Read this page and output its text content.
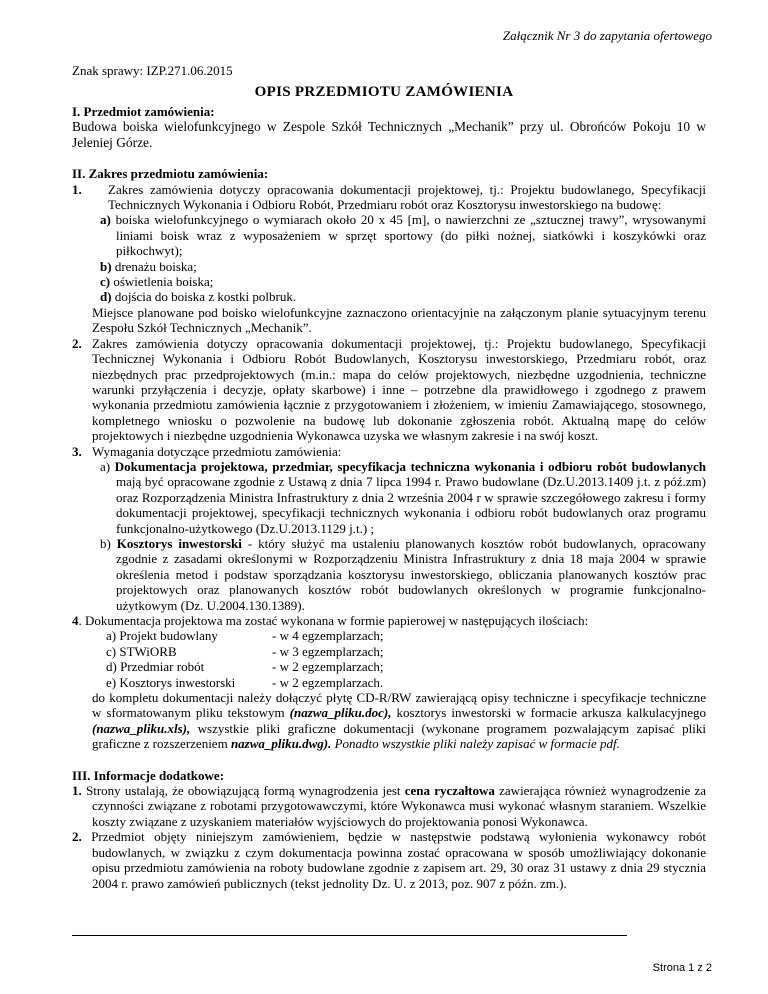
Załącznik Nr 3 do zapytania ofertowego
Znak sprawy: IZP.271.06.2015
OPIS PRZEDMIOTU ZAMÓWIENIA

I. Przedmiot zamówienia:

Budowa boiska wielofunkcyjnego w Zespole Szkół Technicznych „Mechanik” przy ul. Obrońców Pokoju 10 w Jeleniej Górze.

II. Zakres przedmiotu zamówienia:

1. Zakres zamówienia dotyczy opracowania dokumentacji projektowej, tj.: Projektu budowlanego, Specyfikacji Technicznych Wykonania i Odbioru Robót, Przedmiaru robót oraz Kosztorysu inwestorskiego na budowę:

a) boiska wielofunkcyjnego o wymiarach około 20 x 45 [m], o nawierzchni ze „sztucznej trawy”, wrysowanymi liniami boisk wraz z wyposażeniem w sprzęt sportowy (do piłki nożnej, siatkówki i koszykówki oraz piłkochwyt);

b) drenażu boiska;

c) oświetlenia boiska;

d) dojścia do boiska z kostki polbruk.

Miejsce planowane pod boisko wielofunkcyjne zaznaczono orientacyjnie na załączonym planie sytuacyjnym terenu Zespołu Szkół Technicznych „Mechanik”.

2. Zakres zamówienia dotyczy opracowania dokumentacji projektowej, tj.: Projektu budowlanego, Specyfikacji Technicznej Wykonania i Odbioru Robót Budowlanych, Kosztorysu inwestorskiego, Przedmiaru robót, oraz niezbędnych prac przedprojektowych (m.in.: mapa do celów projektowych, niezbędne uzgodnienia, techniczne warunki przyłączenia i decyzje, opłaty skarbowe) i inne – potrzebne dla prawidłowego i zgodnego z prawem wykonania przedmiotu zamówienia łącznie z przygotowaniem i złożeniem, w imieniu Zamawiającego, stosownego, kompletnego wniosku o pozwolenie na budowę lub dokonanie zgłoszenia robót. Aktualną mapę do celów projektowych i niezbędne uzgodnienia Wykonawca uzyska we własnym zakresie i na swój koszt.

3. Wymagania dotyczące przedmiotu zamówienia:

a) Dokumentacja projektowa, przedmiar, specyfikacja techniczna wykonania i odbioru robót budowlanych mają być opracowane zgodnie z Ustawą z dnia 7 lipca 1994 r. Prawo budowlane (Dz.U.2013.1409 j.t. z póź.zm) oraz Rozporządzenia Ministra Infrastruktury z dnia 2 września 2004 r w sprawie szczegółowego zakresu i formy dokumentacji projektowej, specyfikacji technicznych wykonania i odbioru robót budowlanych oraz programu funkcjonalno-użytkowego (Dz.U.2013.1129 j.t.) ;

b) Kosztorys inwestorski - który służyć ma ustaleniu planowanych kosztów robót budowlanych, opracowany zgodnie z zasadami określonymi w Rozporządzeniu Ministra Infrastruktury z dnia 18 maja 2004 w sprawie określenia metod i podstaw sporządzania kosztorysu inwestorskiego, obliczania planowanych kosztów prac projektowych oraz planowanych kosztów robót budowlanych określonych w programie funkcjonalno-użytkowym (Dz. U.2004.130.1389).

4. Dokumentacja projektowa ma zostać wykonana w formie papierowej w następujących ilościach:

a) Projekt budowlany	- w 4 egzemplarzach;
c) STWiORB	- w 3 egzemplarzach;
d) Przedmiar robót	- w 2 egzemplarzach;
e) Kosztorys inwestorski	- w 2 egzemplarzach.

do kompletu dokumentacji należy dołączyć płytę CD-R/RW zawierającą opisy techniczne i specyfikacje techniczne w sformatowanym pliku tekstowym (nazwa_pliku.doc), kosztorys inwestorski w formacie arkusza kalkulacyjnego (nazwa_pliku.xls), wszystkie pliki graficzne dokumentacji (wykonane programem pozwalającym zapisać pliki graficzne z rozszerzeniem nazwa_pliku.dwg). Ponadto wszystkie pliki należy zapisać w formacie pdf.

III. Informacje dodatkowe:

1. Strony ustalają, że obowiązującą formą wynagrodzenia jest cena ryczałtowa zawierająca również wynagrodzenie za czynności związane z robotami przygotowawczymi, które Wykonawca musi wykonać własnym staraniem. Wszelkie koszty związane z uzyskaniem materiałów wyjściowych do projektowania ponosi Wykonawca.

2. Przedmiot objęty niniejszym zamówieniem, będzie w następstwie podstawą wyłonienia wykonawcy robót budowlanych, w związku z czym dokumentacja powinna zostać opracowana w sposób umożliwiający dokonanie opisu przedmiotu zamówienia na roboty budowlane zgodnie z zapisem art. 29, 30 oraz 31 ustawy z dnia 29 stycznia 2004 r. prawo zamówień publicznych (tekst jednolity Dz. U. z 2013, poz. 907 z późn. zm.).

Strona 1 z 2
